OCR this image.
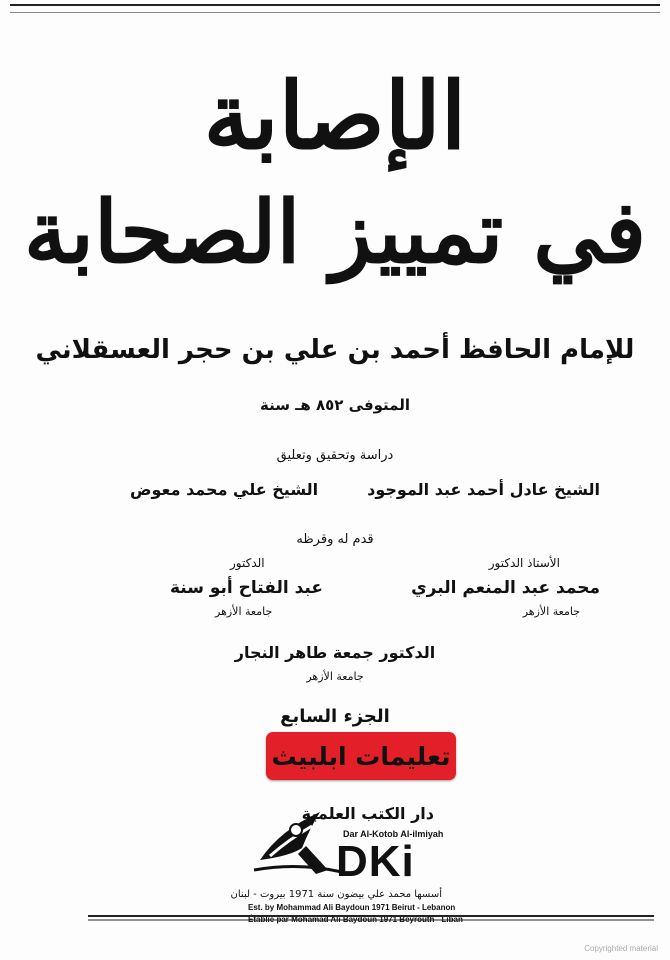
الإصابة
في تمييز الصحابة
للإمام الحافظ أحمد بن علي بن حجر العسقلاني
المتوفى ٨٥٢ هـ سنة
دراسة وتحقيق وتعليق
الشيخ عادل أحمد عبد الموجود
الشيخ علي محمد معوض
قدم له وقرظه
الأستاذ الدكتور
الدكتور
محمد عبد المنعم البري
عبد الفتاح أبو سنة
جامعة الأزهر
جامعة الأزهر
الدكتور جمعة طاهر النجار
جامعة الأزهر
الجزء السابع
تعليمات ابلبيث
دار الكتب العلمية
Dar Al-Kotob Al-ilmiyah
DKi
أسسها محمد علي بيضون سنة 1971 بيروت - لبنان
Est. by Mohammad Ali Baydoun 1971 Beirut - Lebanon
Établie par Mohamad Ali Baydoun 1971 Beyrouth - Liban
Copyrighted material
